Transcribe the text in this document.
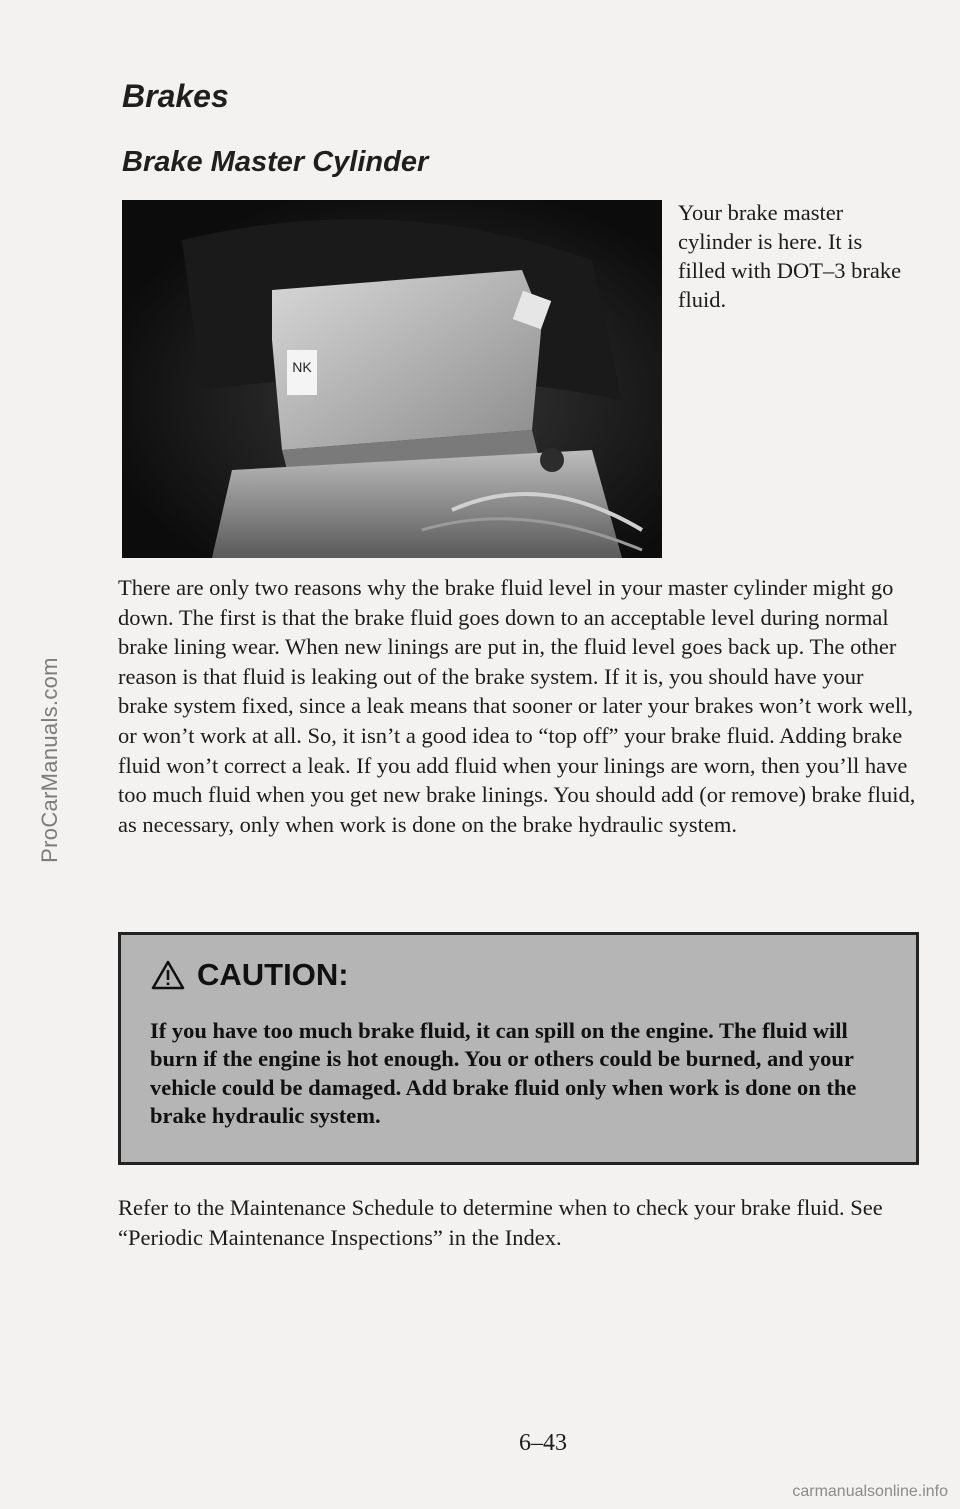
ProCarManuals.com
Brakes
Brake Master Cylinder
NK

Your brake master cylinder is here. It is filled with DOT–3 brake fluid.

There are only two reasons why the brake fluid level in your master cylinder might go down. The first is that the brake fluid goes down to an acceptable level during normal brake lining wear. When new linings are put in, the fluid level goes back up. The other reason is that fluid is leaking out of the brake system. If it is, you should have your brake system fixed, since a leak means that sooner or later your brakes won’t work well, or won’t work at all. So, it isn’t a good idea to “top off” your brake fluid. Adding brake fluid won’t correct a leak. If you add fluid when your linings are worn, then you’ll have too much fluid when you get new brake linings. You should add (or remove) brake fluid, as necessary, only when work is done on the brake hydraulic system.

CAUTION:

If you have too much brake fluid, it can spill on the engine. The fluid will burn if the engine is hot enough. You or others could be burned, and your vehicle could be damaged. Add brake fluid only when work is done on the brake hydraulic system.

Refer to the Maintenance Schedule to determine when to check your brake fluid. See “Periodic Maintenance Inspections” in the Index.

6–43
carmanualsonline.info
